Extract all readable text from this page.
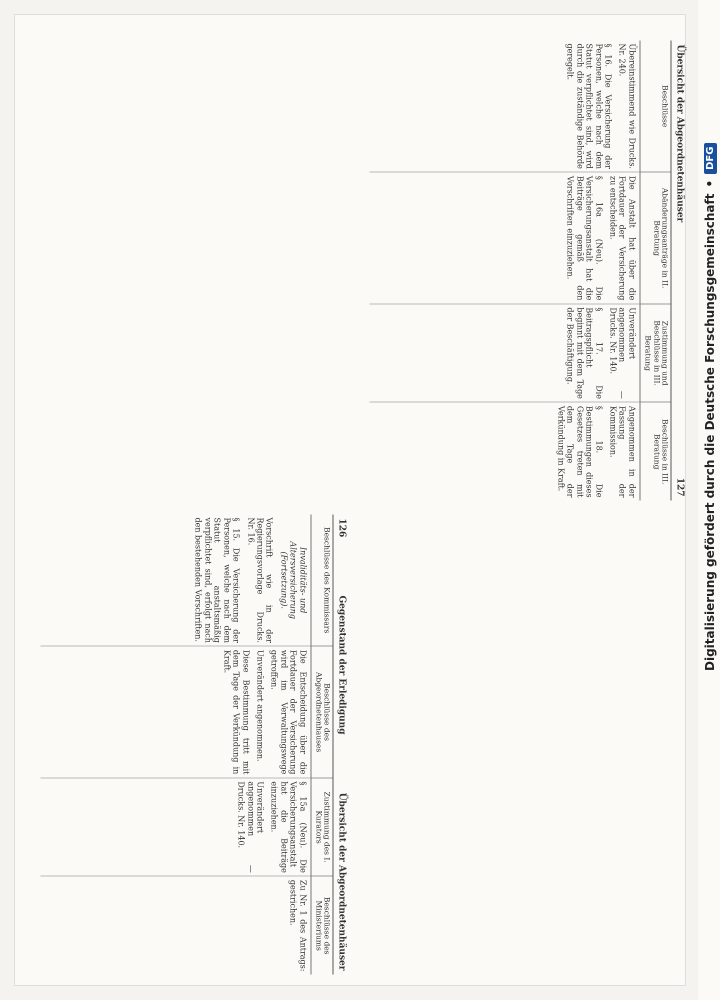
126
Gegenstand der Erledigung
Übersicht der Abgeordnetenhäuser
Beschlüsse des Kommissars
Beschlüsse des Abgeordnetenhauses
Zustimmung des I. Kurators
Beschlüsse des Ministeriums

Invaliditäts- und Altersversicherung (Fortsetzung).

Vorschrift wie in der Regierungsvorlage Drucks. Nr. 16.

§ 15. Die Versicherung der Personen, welche nach dem Statut anstaltsmäßig verpflichtet sind, erfolgt nach den bestehenden Vorschriften.

Die Entscheidung über die Fortdauer der Versicherung wird im Verwaltungswege getroffen.

Unverändert angenommen.

Diese Bestimmung tritt mit dem Tage der Verkündung in Kraft.

§ 15a (Neu). Die Versicherungsanstalt hat die Beiträge einzuziehen.

Unverändert angenommen — Drucks. Nr. 140.

Zu Nr. 1 des Antrags: gestrichen.

Übersicht der Abgeordnetenhäuser
127
Beschlüsse
Abänderungsanträge in II. Beratung
Zustimmung und Beschlüsse in III. Beratung
Beschlüsse in III. Beratung

Übereinstimmend wie Drucks. Nr. 240.

§ 16. Die Versicherung der Personen, welche nach dem Statut verpflichtet sind, wird durch die zuständige Behörde geregelt.

Die Anstalt hat über die Fortdauer der Versicherung zu entscheiden.

§ 16a (Neu). Die Versicherungsanstalt hat die Beiträge gemäß den Vorschriften einzuziehen.

Unverändert angenommen — Drucks. Nr. 140.

§ 17. Die Beitragspflicht beginnt mit dem Tage der Beschäftigung.

Angenommen in der Fassung der Kommission.

§ 18. Die Bestimmungen dieses Gesetzes treten mit dem Tage der Verkündung in Kraft.	Digitalisierung gefördert durch die Deutsche Forschungsgemeinschaft
•
DFG
